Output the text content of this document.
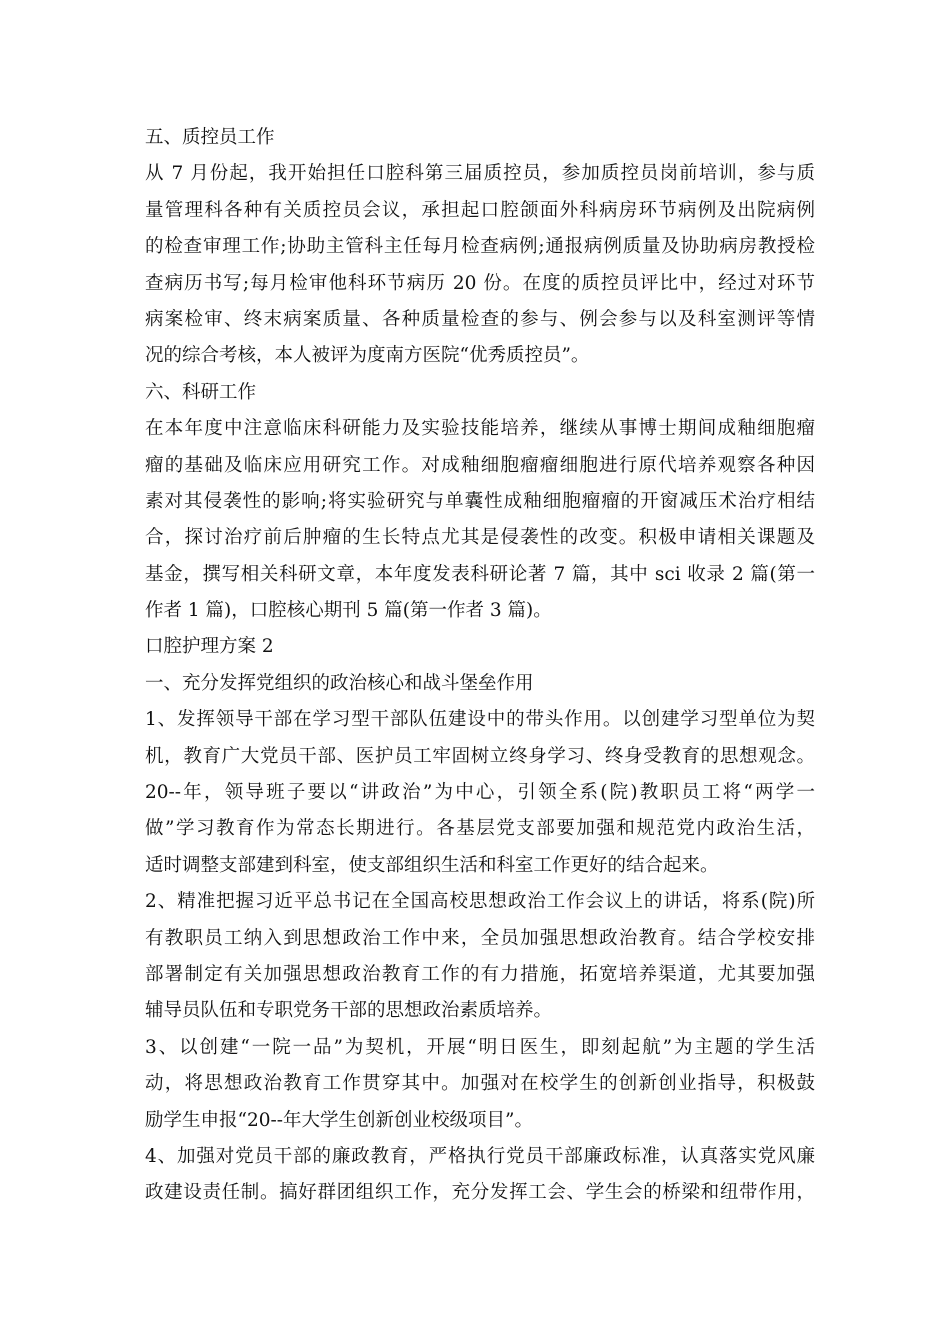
五、质控员工作
从 7 月份起，我开始担任口腔科第三届质控员，参加质控员岗前培训，参与质
量管理科各种有关质控员会议，承担起口腔颌面外科病房环节病例及出院病例
的检查审理工作;协助主管科主任每月检查病例;通报病例质量及协助病房教授检
查病历书写;每月检审他科环节病历 20 份。在度的质控员评比中，经过对环节
病案检审、终末病案质量、各种质量检查的参与、例会参与以及科室测评等情
况的综合考核，本人被评为度南方医院“优秀质控员”。
六、科研工作
在本年度中注意临床科研能力及实验技能培养，继续从事博士期间成釉细胞瘤
瘤的基础及临床应用研究工作。对成釉细胞瘤瘤细胞进行原代培养观察各种因
素对其侵袭性的影响;将实验研究与单囊性成釉细胞瘤瘤的开窗减压术治疗相结
合，探讨治疗前后肿瘤的生长特点尤其是侵袭性的改变。积极申请相关课题及
基金，撰写相关科研文章，本年度发表科研论著 7 篇，其中 sci 收录 2 篇(第一
作者 1 篇)，口腔核心期刊 5 篇(第一作者 3 篇)。
口腔护理方案 2
一、充分发挥党组织的政治核心和战斗堡垒作用
1、发挥领导干部在学习型干部队伍建设中的带头作用。以创建学习型单位为契
机，教育广大党员干部、医护员工牢固树立终身学习、终身受教育的思想观念。
20--年，领导班子要以“讲政治”为中心，引领全系(院)教职员工将“两学一
做”学习教育作为常态长期进行。各基层党支部要加强和规范党内政治生活，
适时调整支部建到科室，使支部组织生活和科室工作更好的结合起来。
2、精准把握习近平总书记在全国高校思想政治工作会议上的讲话，将系(院)所
有教职员工纳入到思想政治工作中来，全员加强思想政治教育。结合学校安排
部署制定有关加强思想政治教育工作的有力措施，拓宽培养渠道，尤其要加强
辅导员队伍和专职党务干部的思想政治素质培养。
3、以创建“一院一品”为契机，开展“明日医生，即刻起航”为主题的学生活
动，将思想政治教育工作贯穿其中。加强对在校学生的创新创业指导，积极鼓
励学生申报“20--年大学生创新创业校级项目”。
4、加强对党员干部的廉政教育，严格执行党员干部廉政标准，认真落实党风廉
政建设责任制。搞好群团组织工作，充分发挥工会、学生会的桥梁和纽带作用，
